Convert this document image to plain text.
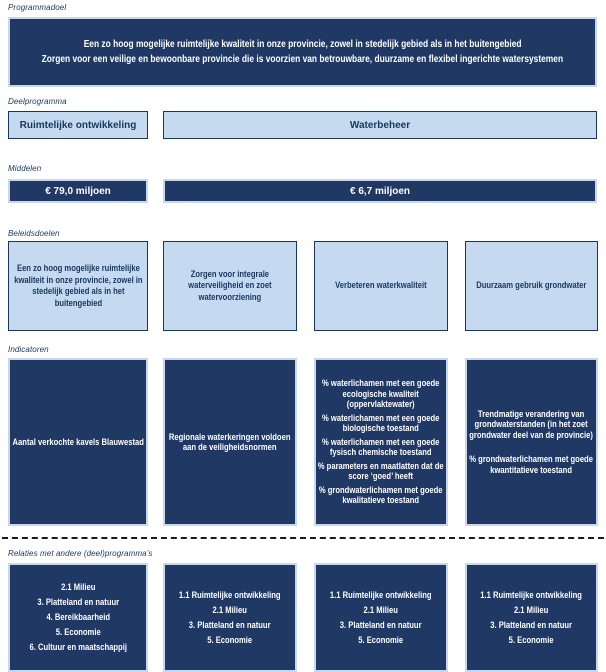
Programmadoel
Een zo hoog mogelijke ruimtelijke kwaliteit in onze provincie, zowel in stedelijk gebied als in het buitengebied
Zorgen voor een veilige en bewoonbare provincie die is voorzien van betrouwbare, duurzame en flexibel ingerichte watersystemen
Deelprogramma
Ruimtelijke ontwikkeling	Waterbeheer
Middelen
€ 79,0 miljoen	€ 6,7 miljoen
Beleidsdoelen

Een zo hoog mogelijke ruimtelijke kwaliteit in onze provincie, zowel in stedelijk gebied als in het buitengebied

Zorgen voor integrale waterveiligheid en zoet watervoorziening

Verbeteren waterkwaliteit	Duurzaam gebruik grondwater

Indicatoren

Aantal verkochte kavels Blauwestad

Regionale waterkeringen voldoen aan de veiligheidsnormen

% waterlichamen met een goede ecologische kwaliteit (oppervlaktewater)

% waterlichamen met een goede biologische toestand

% waterlichamen met een goede fysisch chemische toestand

% parameters en maatlatten dat de score ‘goed’ heeft

% grondwaterlichamen met goede kwalitatieve toestand

Trendmatige verandering van grondwaterstanden (in het zoet grondwater deel van de provincie)

% grondwaterlichamen met goede kwantitatieve toestand

Relaties met andere (deel)programma’s

2.1 Milieu

3. Platteland en natuur

4. Bereikbaarheid

5. Economie

6. Cultuur en maatschappij

1.1 Ruimtelijke ontwikkeling

2.1 Milieu

3. Platteland en natuur

5. Economie

1.1 Ruimtelijke ontwikkeling

2.1 Milieu

3. Platteland en natuur

5. Economie

1.1 Ruimtelijke ontwikkeling

2.1 Milieu

3. Platteland en natuur

5. Economie
